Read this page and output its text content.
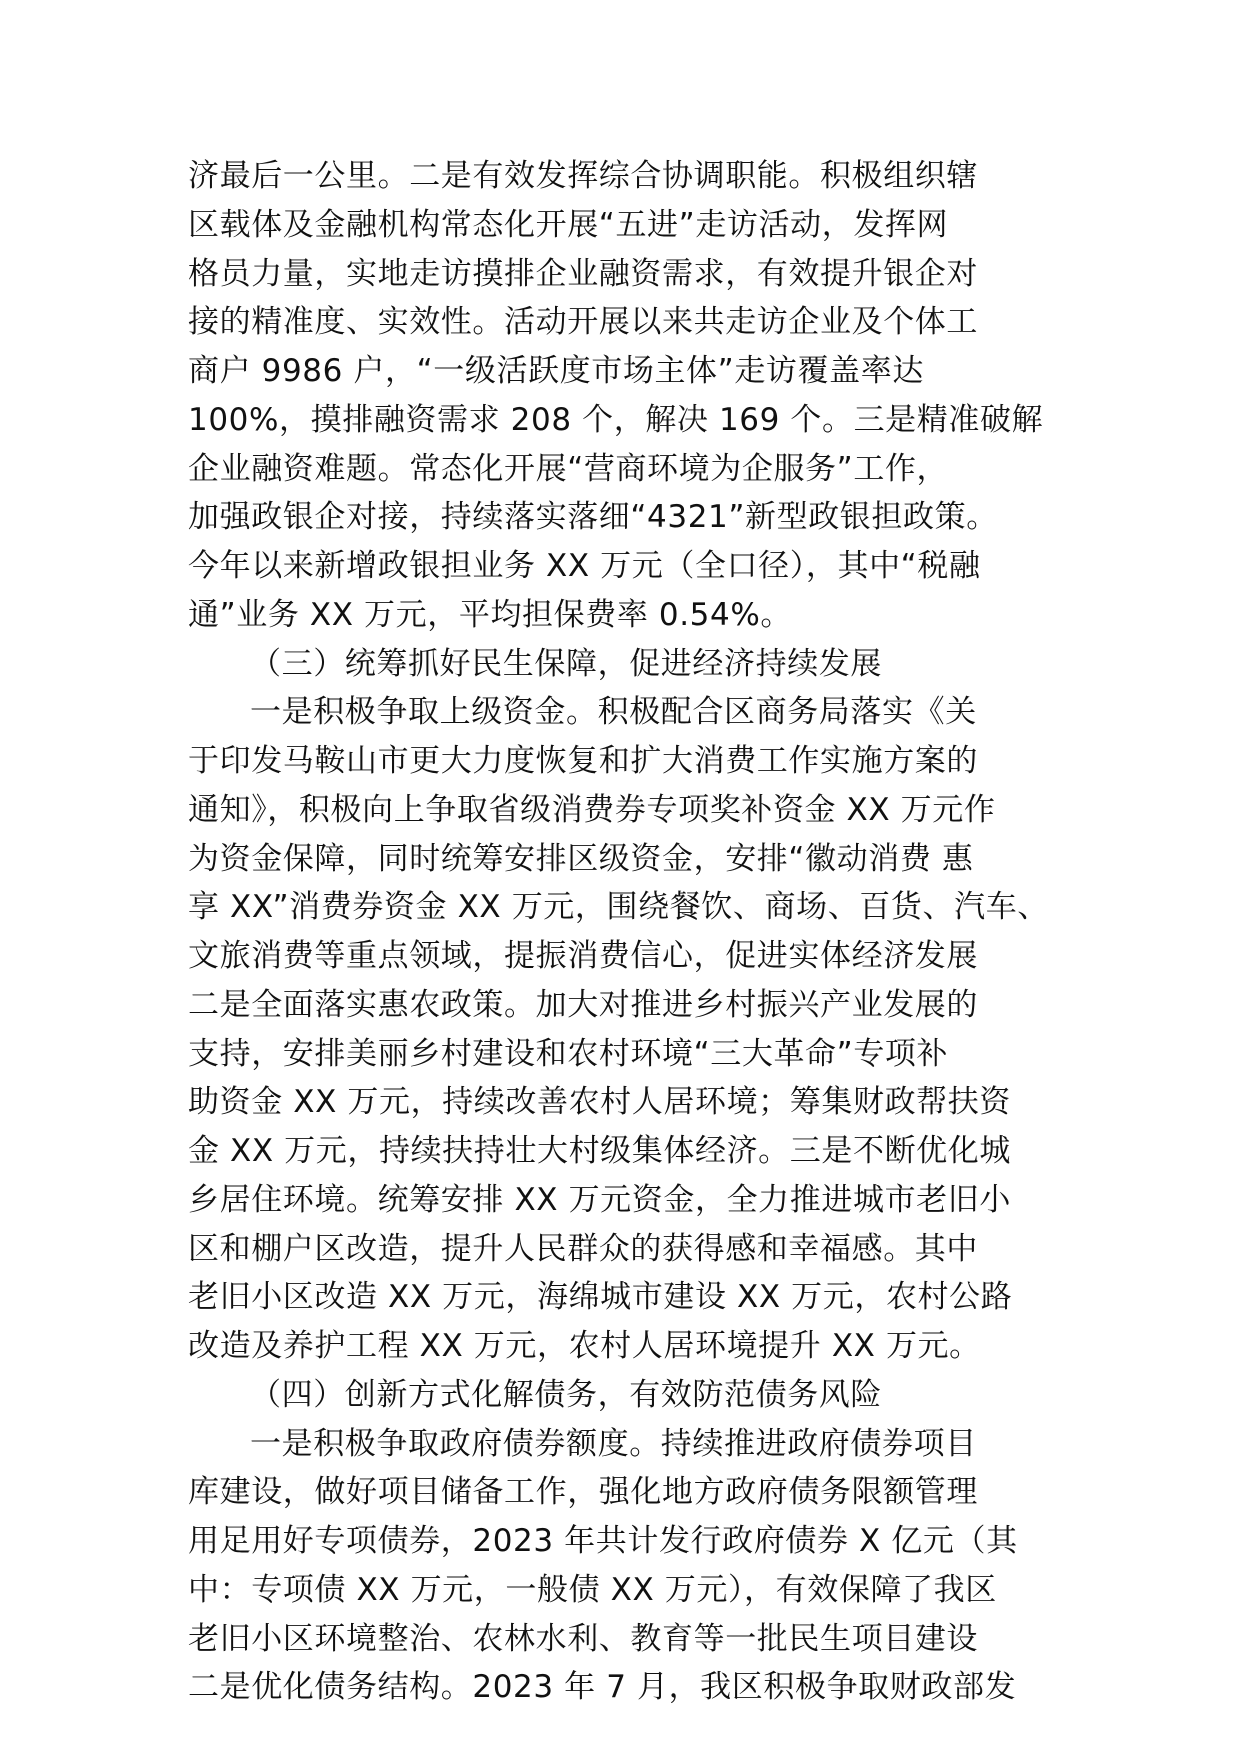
济最后一公里。二是有效发挥综合协调职能。积极组织辖
区载体及金融机构常态化开展“五进”走访活动，发挥网
格员力量，实地走访摸排企业融资需求，有效提升银企对
接的精准度、实效性。活动开展以来共走访企业及个体工
商户 9986 户，“一级活跃度市场主体”走访覆盖率达
100%，摸排融资需求 208 个，解决 169 个。三是精准破解
企业融资难题。常态化开展“营商环境为企服务”工作，
加强政银企对接，持续落实落细“4321”新型政银担政策。
今年以来新增政银担业务 XX 万元（全口径），其中“税融
通”业务 XX 万元，平均担保费率 0.54%。
（三）统筹抓好民生保障，促进经济持续发展
一是积极争取上级资金。积极配合区商务局落实《关
于印发马鞍山市更大力度恢复和扩大消费工作实施方案的
通知》，积极向上争取省级消费券专项奖补资金 XX 万元作
为资金保障，同时统筹安排区级资金，安排“徽动消费 惠
享 XX”消费券资金 XX 万元，围绕餐饮、商场、百货、汽车、
文旅消费等重点领域，提振消费信心，促进实体经济发展
二是全面落实惠农政策。加大对推进乡村振兴产业发展的
支持，安排美丽乡村建设和农村环境“三大革命”专项补
助资金 XX 万元，持续改善农村人居环境；筹集财政帮扶资
金 XX 万元，持续扶持壮大村级集体经济。三是不断优化城
乡居住环境。统筹安排 XX 万元资金，全力推进城市老旧小
区和棚户区改造，提升人民群众的获得感和幸福感。其中
老旧小区改造 XX 万元，海绵城市建设 XX 万元，农村公路
改造及养护工程 XX 万元，农村人居环境提升 XX 万元。
（四）创新方式化解债务，有效防范债务风险
一是积极争取政府债券额度。持续推进政府债券项目
库建设，做好项目储备工作，强化地方政府债务限额管理
用足用好专项债券，2023 年共计发行政府债券 X 亿元（其
中：专项债 XX 万元，一般债 XX 万元），有效保障了我区
老旧小区环境整治、农林水利、教育等一批民生项目建设
二是优化债务结构。2023 年 7 月，我区积极争取财政部发
